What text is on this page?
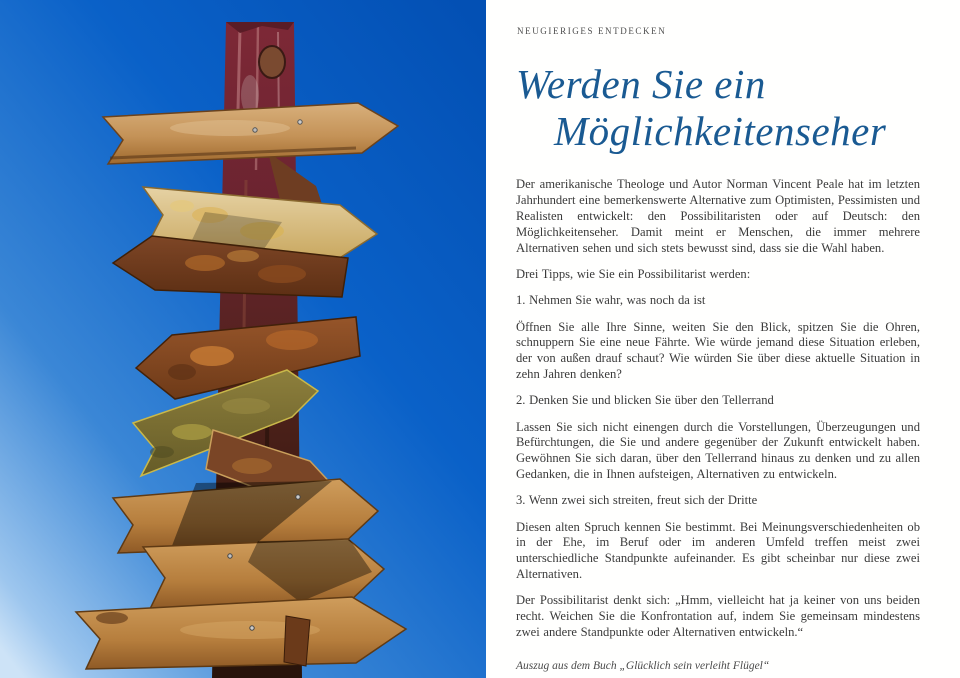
NEUGIERIGES ENTDECKEN
Werden Sie ein
Möglichkeitenseher

Der amerikanische Theologe und Autor Norman Vincent Peale hat im letzten Jahrhundert eine bemerkenswerte Alternative zum Optimisten, Pessimisten und Realisten entwickelt: den Possibilitaristen oder auf Deutsch: den Möglichkeitenseher. Damit meint er Menschen, die immer mehrere Alternativen sehen und sich stets bewusst sind, dass sie die Wahl haben.

Drei Tipps, wie Sie ein Possibilitarist werden:

1. Nehmen Sie wahr, was noch da ist

Öffnen Sie alle Ihre Sinne, weiten Sie den Blick, spitzen Sie die Ohren, schnuppern Sie eine neue Fährte. Wie würde jemand diese Situation erleben, der von außen drauf schaut? Wie würden Sie über diese aktuelle Situation in zehn Jahren denken?

2. Denken Sie und blicken Sie über den Tellerrand

Lassen Sie sich nicht einengen durch die Vorstellungen, Überzeugungen und Befürchtungen, die Sie und andere gegenüber der Zukunft entwickelt haben. Gewöhnen Sie sich daran, über den Tellerrand hinaus zu denken und zu allen Gedanken, die in Ihnen aufsteigen, Alternativen zu entwickeln.

3. Wenn zwei sich streiten, freut sich der Dritte

Diesen alten Spruch kennen Sie bestimmt. Bei Meinungsverschiedenheiten ob in der Ehe, im Beruf oder im anderen Umfeld treffen meist zwei unterschiedliche Standpunkte aufeinander. Es gibt scheinbar nur diese zwei Alternativen.

Der Possibilitarist denkt sich: „Hmm, vielleicht hat ja keiner von uns beiden recht. Weichen Sie die Konfrontation auf, indem Sie gemeinsam mindestens zwei andere Standpunkte oder Alternativen entwickeln.“

Auszug aus dem Buch „Glücklich sein verleiht Flügel“
